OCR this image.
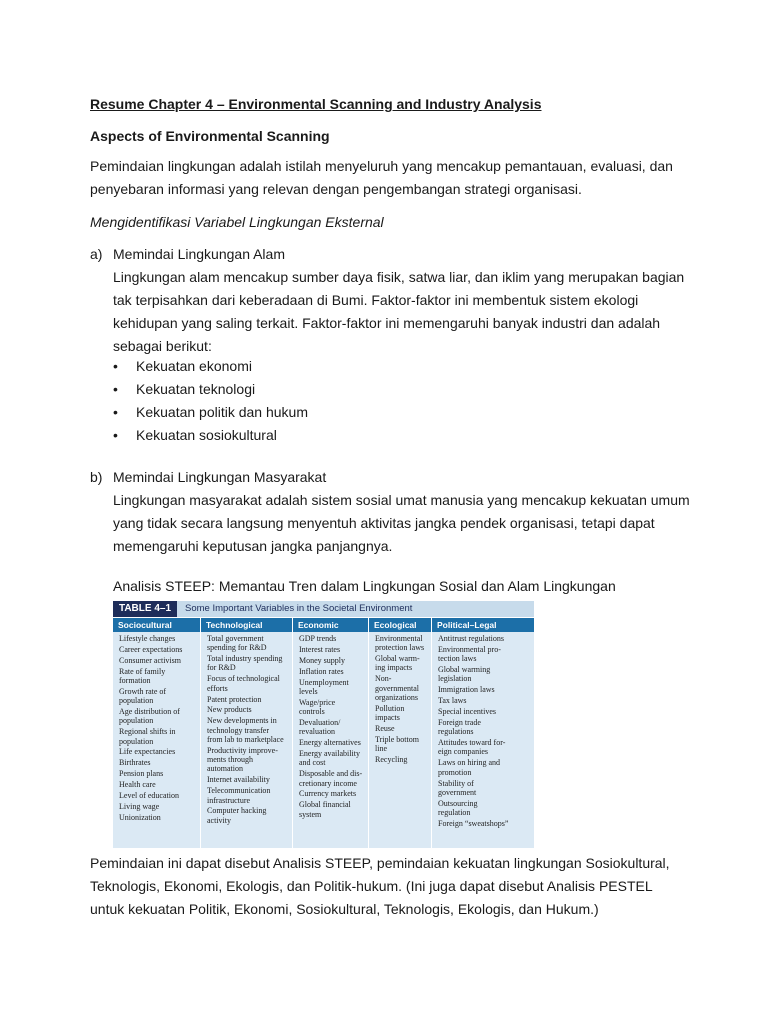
Resume Chapter 4 – Environmental Scanning and Industry Analysis
Aspects of Environmental Scanning
Pemindaian lingkungan adalah istilah menyeluruh yang mencakup pemantauan, evaluasi, dan
penyebaran informasi yang relevan dengan pengembangan strategi organisasi.
Mengidentifikasi Variabel Lingkungan Eksternal
a) Memindai Lingkungan Alam
Lingkungan alam mencakup sumber daya fisik, satwa liar, dan iklim yang merupakan bagian
tak terpisahkan dari keberadaan di Bumi. Faktor-faktor ini membentuk sistem ekologi
kehidupan yang saling terkait. Faktor-faktor ini memengaruhi banyak industri dan adalah
sebagai berikut:
• Kekuatan ekonomi
• Kekuatan teknologi
• Kekuatan politik dan hukum
• Kekuatan sosiokultural
b) Memindai Lingkungan Masyarakat
Lingkungan masyarakat adalah sistem sosial umat manusia yang mencakup kekuatan umum
yang tidak secara langsung menyentuh aktivitas jangka pendek organisasi, tetapi dapat
memengaruhi keputusan jangka panjangnya.
Analisis STEEP: Memantau Tren dalam Lingkungan Sosial dan Alam Lingkungan
TABLE 4–1	Some Important Variables in the Societal Environment
Sociocultural
Lifestyle changes
Career expectations
Consumer activism
Rate of family
formation
Growth rate of
population
Age distribution of
population
Regional shifts in
population
Life expectancies
Birthrates
Pension plans
Health care
Level of education
Living wage
Unionization
Technological
Total government
spending for R&D
Total industry spending
for R&D
Focus of technological
efforts
Patent protection
New products
New developments in
technology transfer
from lab to marketplace
Productivity improve-
ments through
automation
Internet availability
Telecommunication
infrastructure
Computer hacking
activity
Economic
GDP trends
Interest rates
Money supply
Inflation rates
Unemployment
levels
Wage/price
controls
Devaluation/
revaluation
Energy alternatives
Energy availability
and cost
Disposable and dis-
cretionary income
Currency markets
Global financial
system
Ecological
Environmental
protection laws
Global warm-
ing impacts
Non-
governmental
organizations
Pollution
impacts
Reuse
Triple bottom
line
Recycling
Political–Legal
Antitrust regulations
Environmental pro-
tection laws
Global warming
legislation
Immigration laws
Tax laws
Special incentives
Foreign trade
regulations
Attitudes toward for-
eign companies
Laws on hiring and
promotion
Stability of
government
Outsourcing
regulation
Foreign “sweatshops”
Pemindaian ini dapat disebut Analisis STEEP, pemindaian kekuatan lingkungan Sosiokultural,
Teknologis, Ekonomi, Ekologis, dan Politik-hukum. (Ini juga dapat disebut Analisis PESTEL
untuk kekuatan Politik, Ekonomi, Sosiokultural, Teknologis, Ekologis, dan Hukum.)
